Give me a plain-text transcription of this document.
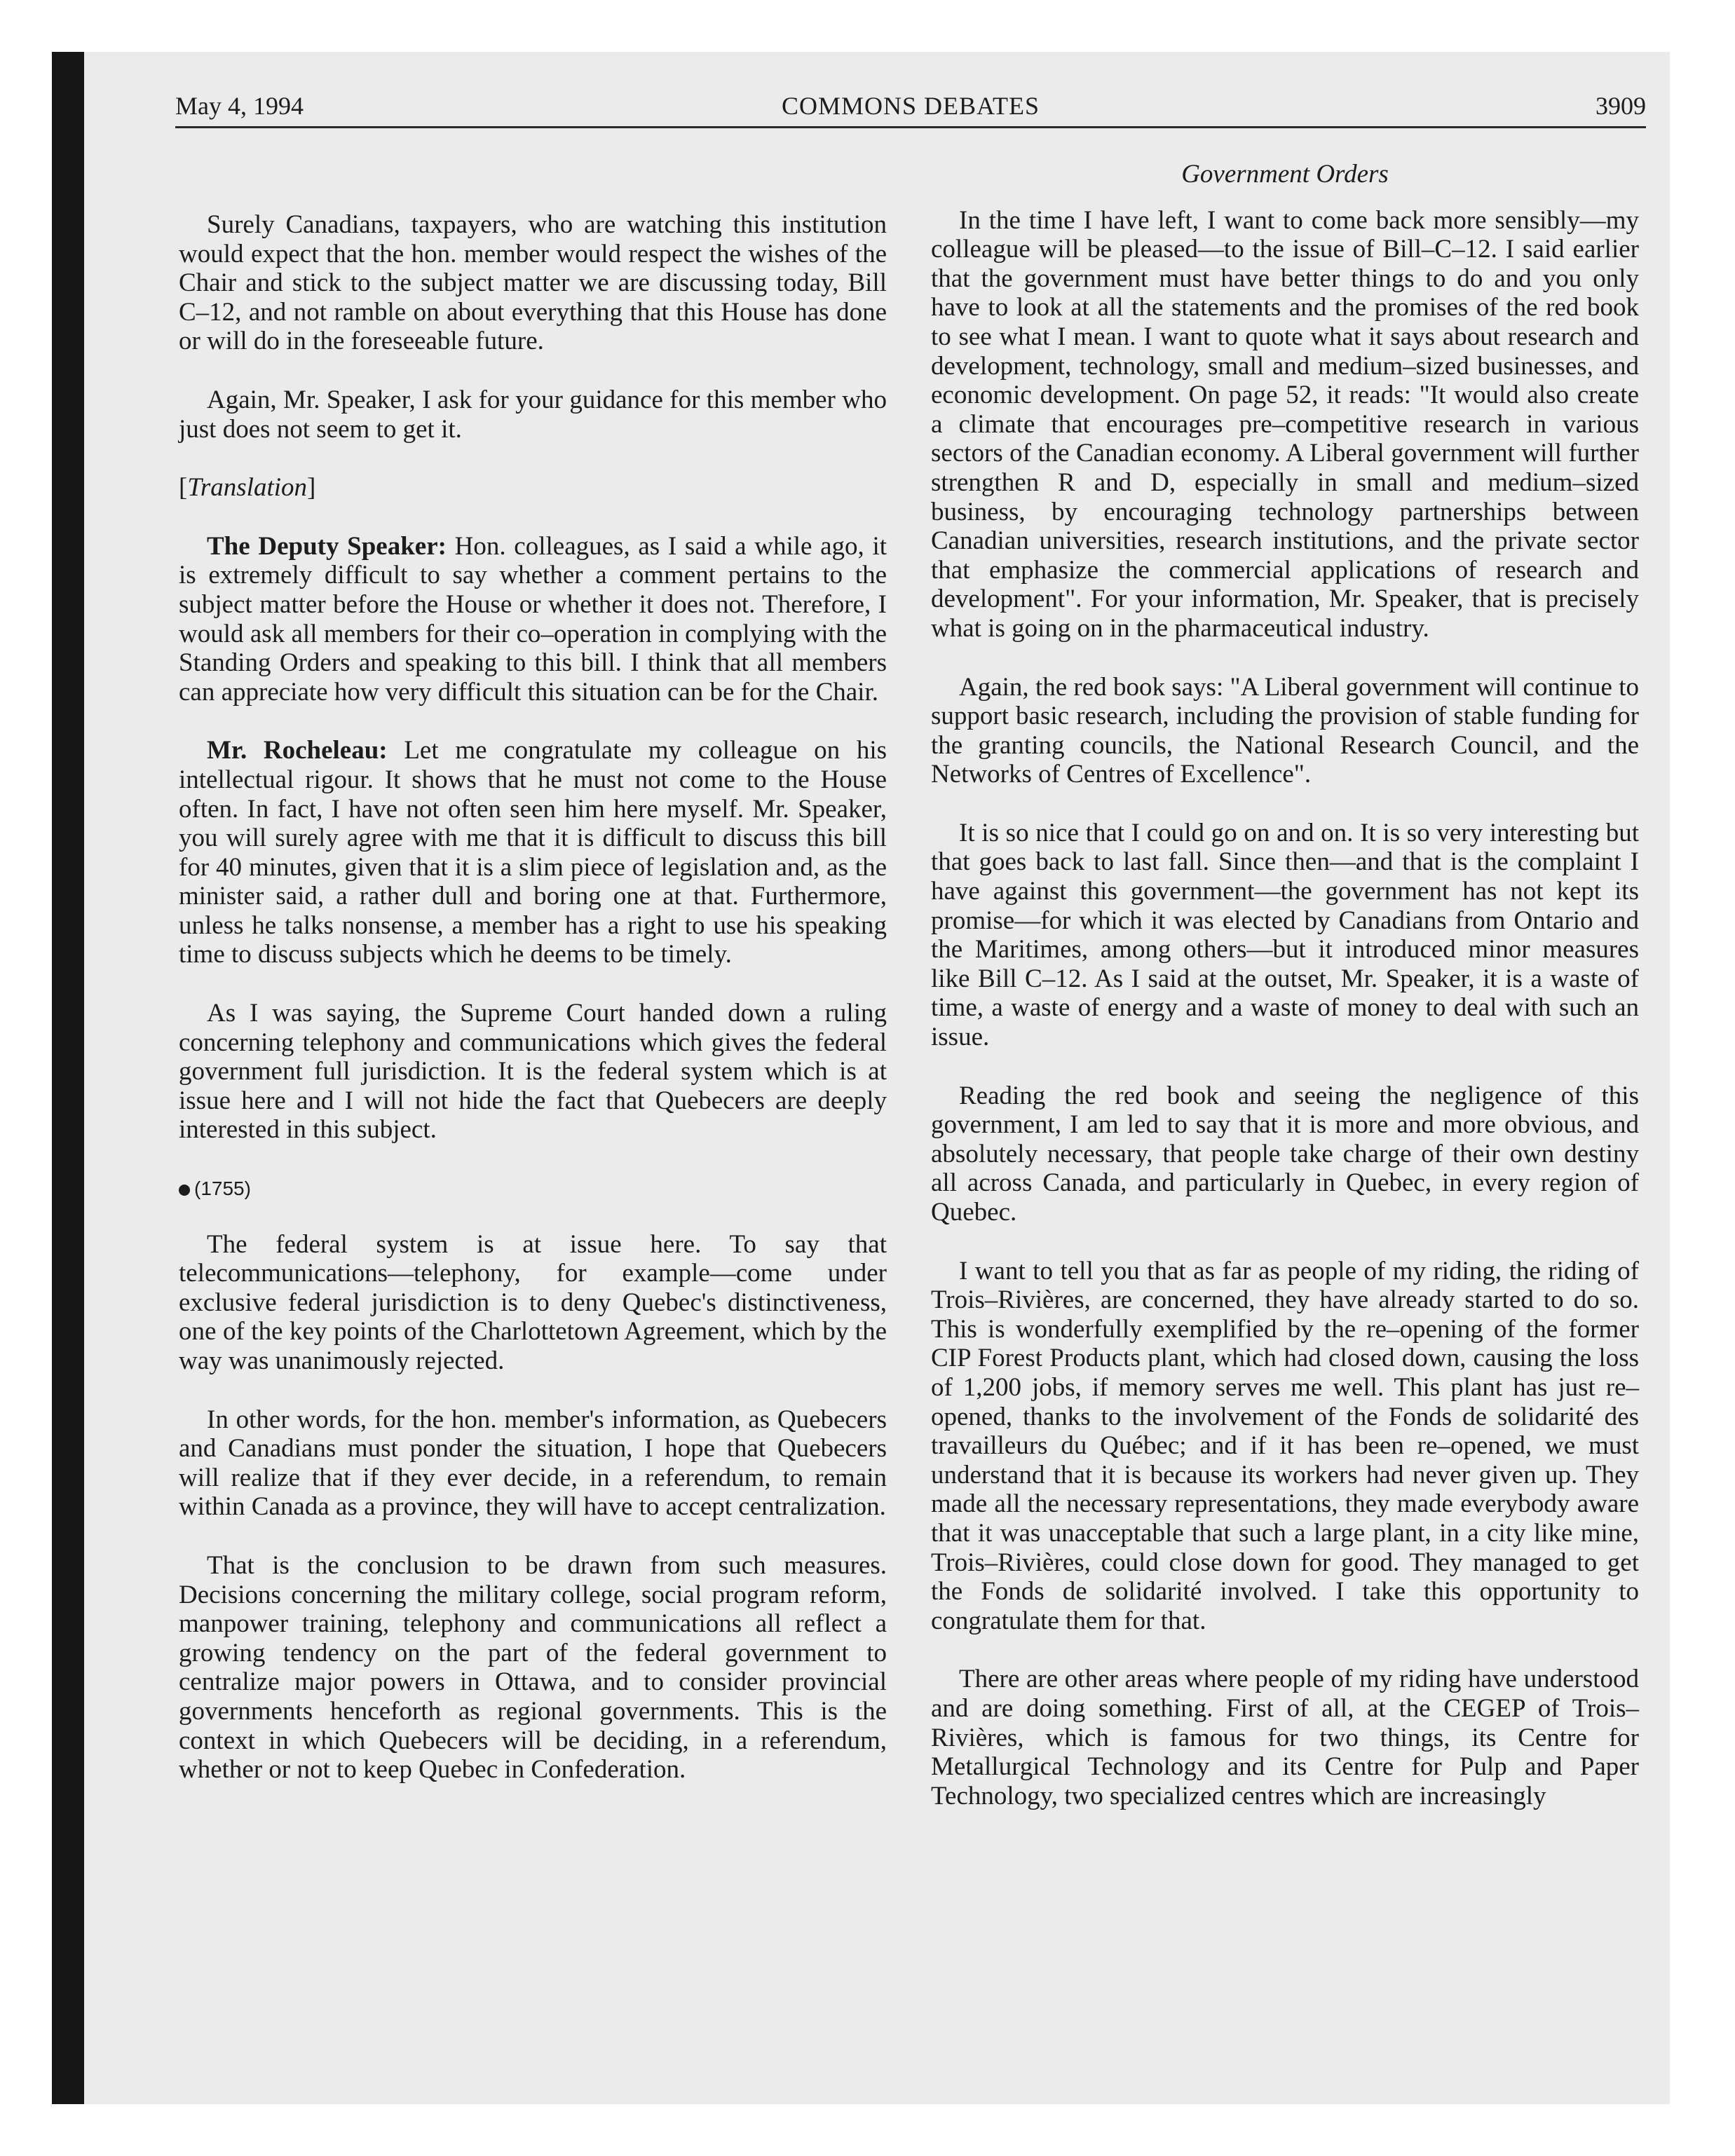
May 4, 1994	COMMONS DEBATES	3909

Surely Canadians, taxpayers, who are watching this institution would expect that the hon. member would respect the wishes of the Chair and stick to the subject matter we are discussing today, Bill C–12, and not ramble on about everything that this House has done or will do in the foreseeable future.

Again, Mr. Speaker, I ask for your guidance for this member who just does not seem to get it.

[Translation]

The Deputy Speaker: Hon. colleagues, as I said a while ago, it is extremely difficult to say whether a comment pertains to the subject matter before the House or whether it does not. Therefore, I would ask all members for their co–operation in complying with the Standing Orders and speaking to this bill. I think that all members can appreciate how very difficult this situation can be for the Chair.

Mr. Rocheleau: Let me congratulate my colleague on his intellectual rigour. It shows that he must not come to the House often. In fact, I have not often seen him here myself. Mr. Speaker, you will surely agree with me that it is difficult to discuss this bill for 40 minutes, given that it is a slim piece of legislation and, as the minister said, a rather dull and boring one at that. Furthermore, unless he talks nonsense, a member has a right to use his speaking time to discuss subjects which he deems to be timely.

As I was saying, the Supreme Court handed down a ruling concerning telephony and communications which gives the federal government full jurisdiction. It is the federal system which is at issue here and I will not hide the fact that Quebecers are deeply interested in this subject.

(1755)

The federal system is at issue here. To say that telecommunications—telephony, for example—come under exclusive federal jurisdiction is to deny Quebec's distinctiveness, one of the key points of the Charlottetown Agreement, which by the way was unanimously rejected.

In other words, for the hon. member's information, as Quebecers and Canadians must ponder the situation, I hope that Quebecers will realize that if they ever decide, in a referendum, to remain within Canada as a province, they will have to accept centralization.

That is the conclusion to be drawn from such measures. Decisions concerning the military college, social program reform, manpower training, telephony and communications all reflect a growing tendency on the part of the federal government to centralize major powers in Ottawa, and to consider provincial governments henceforth as regional governments. This is the context in which Quebecers will be deciding, in a referendum, whether or not to keep Quebec in Confederation.

Government Orders

In the time I have left, I want to come back more sensibly—my colleague will be pleased—to the issue of Bill–C–12. I said earlier that the government must have better things to do and you only have to look at all the statements and the promises of the red book to see what I mean. I want to quote what it says about research and development, technology, small and medium–sized businesses, and economic development. On page 52, it reads: "It would also create a climate that encourages pre–competitive research in various sectors of the Canadian economy. A Liberal government will further strengthen R and D, especially in small and medium–sized business, by encouraging technology partnerships between Canadian universities, research institutions, and the private sector that emphasize the commercial applications of research and development". For your information, Mr. Speaker, that is precisely what is going on in the pharmaceutical industry.

Again, the red book says: "A Liberal government will continue to support basic research, including the provision of stable funding for the granting councils, the National Research Council, and the Networks of Centres of Excellence".

It is so nice that I could go on and on. It is so very interesting but that goes back to last fall. Since then—and that is the complaint I have against this government—the government has not kept its promise—for which it was elected by Canadians from Ontario and the Maritimes, among others—but it introduced minor measures like Bill C–12. As I said at the outset, Mr. Speaker, it is a waste of time, a waste of energy and a waste of money to deal with such an issue.

Reading the red book and seeing the negligence of this government, I am led to say that it is more and more obvious, and absolutely necessary, that people take charge of their own destiny all across Canada, and particularly in Quebec, in every region of Quebec.

I want to tell you that as far as people of my riding, the riding of Trois–Rivières, are concerned, they have already started to do so. This is wonderfully exemplified by the re–opening of the former CIP Forest Products plant, which had closed down, causing the loss of 1,200 jobs, if memory serves me well. This plant has just re–opened, thanks to the involvement of the Fonds de solidarité des travailleurs du Québec; and if it has been re–opened, we must understand that it is because its workers had never given up. They made all the necessary representations, they made everybody aware that it was unacceptable that such a large plant, in a city like mine, Trois–Rivières, could close down for good. They managed to get the Fonds de solidarité involved. I take this opportunity to congratulate them for that.

There are other areas where people of my riding have understood and are doing something. First of all, at the CEGEP of Trois–Rivières, which is famous for two things, its Centre for Metallurgical Technology and its Centre for Pulp and Paper Technology, two specialized centres which are increasingly
